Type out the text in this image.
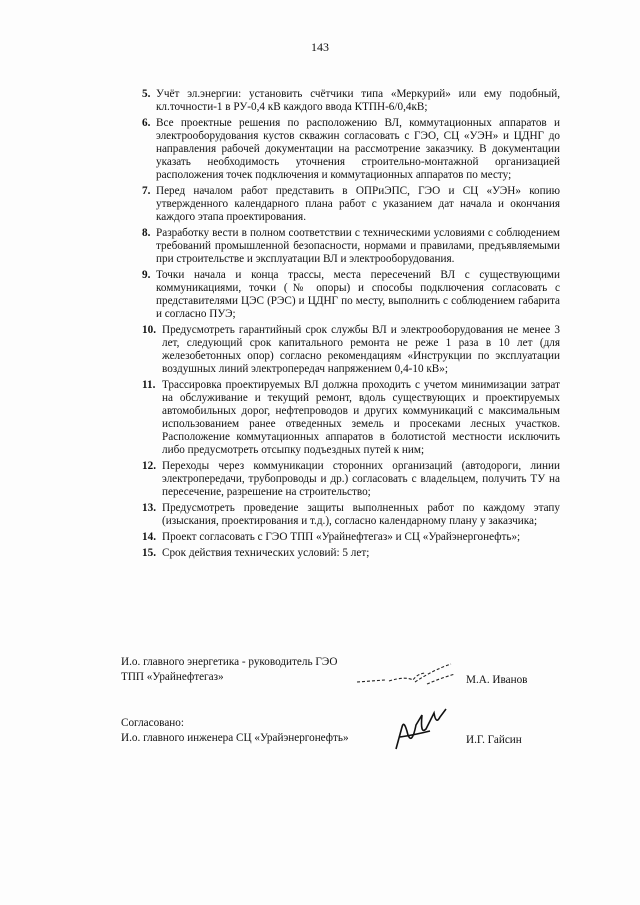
143
5. Учёт эл.энергии: установить счётчики типа «Меркурий» или ему подобный, кл.точности-1 в РУ-0,4 кВ каждого ввода КТПН-6/0,4кВ;
6. Все проектные решения по расположению ВЛ, коммутационных аппаратов и электрооборудования кустов скважин согласовать с ГЭО, СЦ «УЭН» и ЦДНГ до направления рабочей документации на рассмотрение заказчику. В документации указать необходимость уточнения строительно-монтажной организацией расположения точек подключения и коммутационных аппаратов по месту;
7. Перед началом работ представить в ОПРиЭПС, ГЭО и СЦ «УЭН» копию утвержденного календарного плана работ с указанием дат начала и окончания каждого этапа проектирования.
8. Разработку вести в полном соответствии с техническими условиями с соблюдением требований промышленной безопасности, нормами и правилами, предъявляемыми при строительстве и эксплуатации ВЛ и электрооборудования.
9. Точки начала и конца трассы, места пересечений ВЛ с существующими коммуникациями, точки (№ опоры) и способы подключения согласовать с представителями ЦЭС (РЭС) и ЦДНГ по месту, выполнить с соблюдением габарита и согласно ПУЭ;
10. Предусмотреть гарантийный срок службы ВЛ и электрооборудования не менее 3 лет, следующий срок капитального ремонта не реже 1 раза в 10 лет (для железобетонных опор) согласно рекомендациям «Инструкции по эксплуатации воздушных линий электропередач напряжением 0,4-10 кВ»;
11. Трассировка проектируемых ВЛ должна проходить с учетом минимизации затрат на обслуживание и текущий ремонт, вдоль существующих и проектируемых автомобильных дорог, нефтепроводов и других коммуникаций с максимальным использованием ранее отведенных земель и просеками лесных участков. Расположение коммутационных аппаратов в болотистой местности исключить либо предусмотреть отсыпку подъездных путей к ним;
12. Переходы через коммуникации сторонних организаций (автодороги, линии электропередачи, трубопроводы и др.) согласовать с владельцем, получить ТУ на пересечение, разрешение на строительство;
13. Предусмотреть проведение защиты выполненных работ по каждому этапу (изыскания, проектирования и т.д.), согласно календарному плану у заказчика;
14. Проект согласовать с ГЭО ТПП «Урайнефтегаз» и СЦ «Урайэнергонефть»;
15. Срок действия технических условий: 5 лет;
И.о. главного энергетика - руководитель ГЭО
ТПП «Урайнефтегаз»	М.А. Иванов
Согласовано:
И.о. главного инженера СЦ «Урайэнергонефть»	И.Г. Гайсин
